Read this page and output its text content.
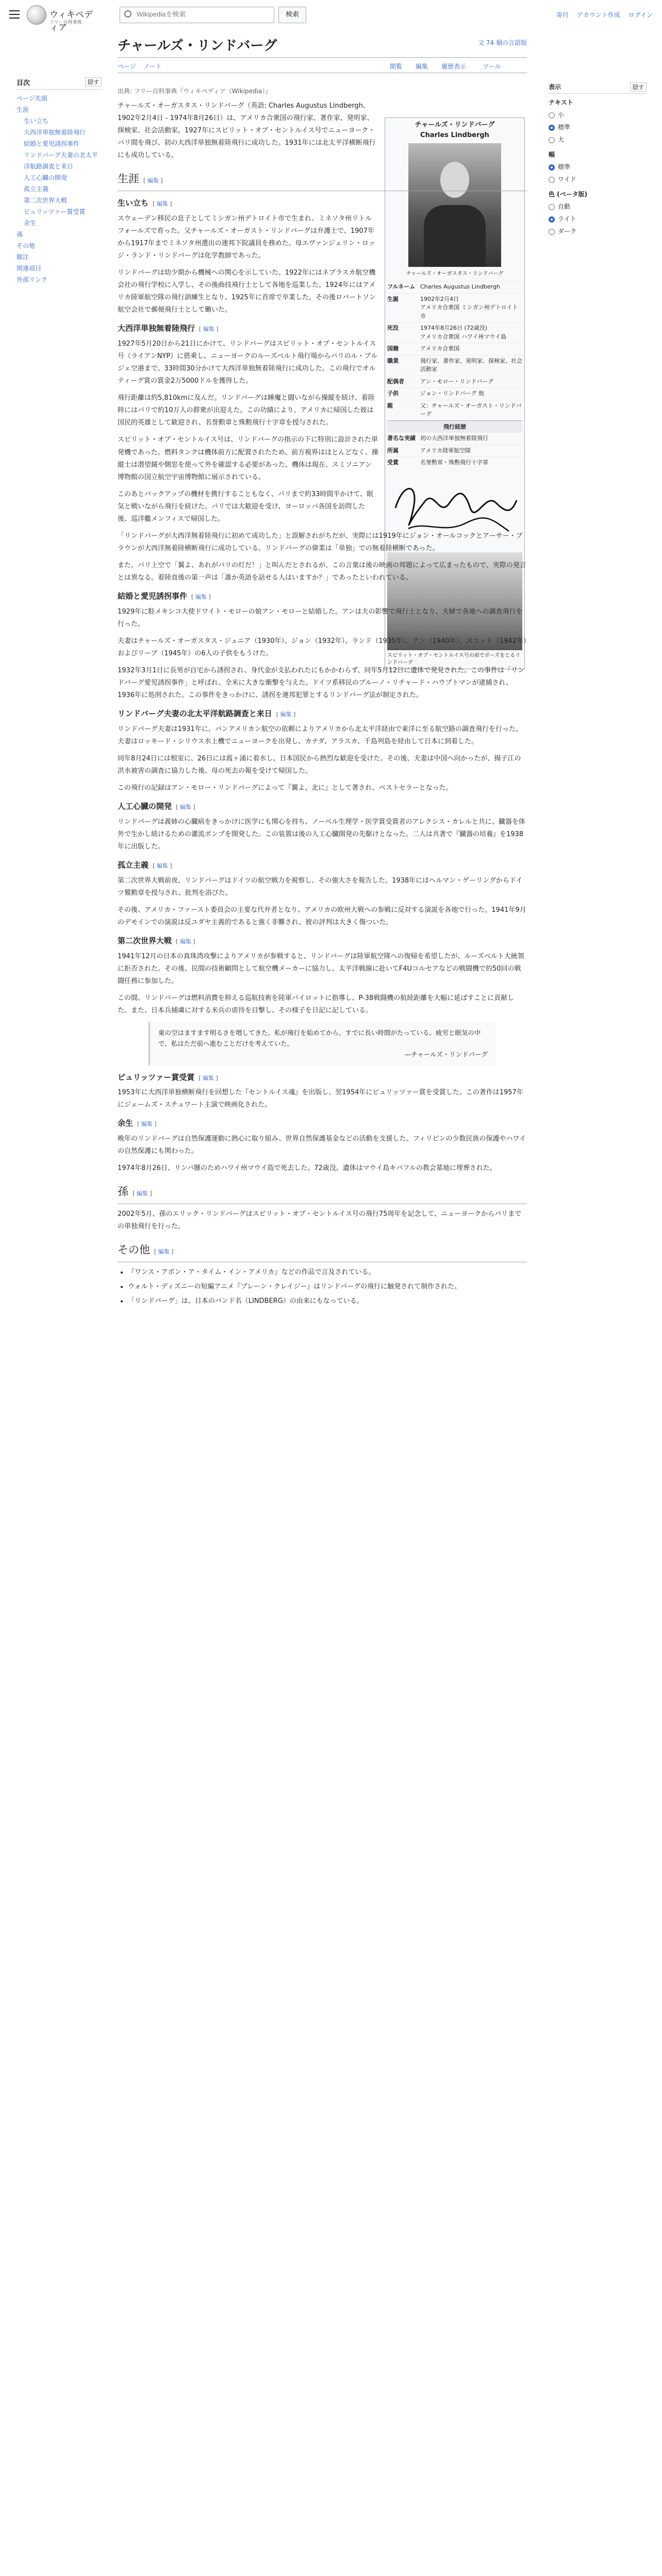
ウィキペディア
フリー百科事典
Wikipediaを検索
検索	寄付 アカウント作成 ログイン
目次	隠す
ページ先頭
生涯
生い立ち
大西洋単独無着陸飛行
結婚と愛児誘拐事件
リンドバーグ夫妻の北太平洋航路調査と来日
人工心臓の開発
孤立主義
第二次世界大戦
ピュリッツァー賞受賞
余生
孫
その他
脚注
関連項目
外部リンク
チャールズ・リンドバーグ	文 74 個の言語版
ページ ノート	閲覧 編集 履歴表示	ツール
表示	隠す
テキスト
小
標準
大
幅
標準
ワイド
色 (ベータ版)
自動
ライト
ダーク
チャールズ・リンドバーグ
Charles Lindbergh
チャールズ・オーガスタス・リンドバーグ
フルネーム Charles Augustus Lindbergh
生誕	1902年2月4日
アメリカ合衆国 ミシガン州デトロイト市
死没	1974年8月26日 (72歳没)
アメリカ合衆国 ハワイ州マウイ島
国籍	アメリカ合衆国
職業	飛行家、著作家、発明家、探検家、社会活動家
配偶者	アン・モロー・リンドバーグ
子供	ジョン・リンドバーグ 他
親	父：チャールズ・オーガスト・リンドバーグ
飛行経歴
著名な実績 初の大西洋単独無着陸飛行
所属	アメリカ陸軍航空隊
受賞	名誉勲章・殊勲飛行十字章
スピリット・オブ・セントルイス号の前でポーズをとるリンドバーグ
出典: フリー百科事典『ウィキペディア（Wikipedia）』

チャールズ・オーガスタス・リンドバーグ（英語: Charles Augustus Lindbergh、1902年2月4日 - 1974年8月26日）は、アメリカ合衆国の飛行家、著作家、発明家、探検家、社会活動家。1927年にスピリット・オブ・セントルイス号でニューヨーク・パリ間を飛び、初の大西洋単独無着陸飛行に成功した。1931年には北太平洋横断飛行にも成功している。

生涯 [ 編集 ]
生い立ち [ 編集 ]

スウェーデン移民の息子としてミシガン州デトロイト市で生まれ、ミネソタ州リトルフォールズで育った。父チャールズ・オーガスト・リンドバーグは弁護士で、1907年から1917年までミネソタ州選出の連邦下院議員を務めた。母エヴァンジェリン・ロッジ・ランド・リンドバーグは化学教師であった。

リンドバーグは幼少期から機械への関心を示していた。1922年にはネブラスカ航空機会社の飛行学校に入学し、その後曲技飛行士として各地を巡業した。1924年にはアメリカ陸軍航空隊の飛行訓練生となり、1925年に首席で卒業した。その後ロバートソン航空会社で郵便飛行士として働いた。

大西洋単独無着陸飛行 [ 編集 ]

1927年5月20日から21日にかけて、リンドバーグはスピリット・オブ・セントルイス号（ライアンNYP）に搭乗し、ニューヨークのルーズベルト飛行場からパリのル・ブルジェ空港まで、33時間30分かけて大西洋単独無着陸飛行に成功した。この飛行でオルティーグ賞の賞金2万5000ドルを獲得した。

飛行距離は約5,810kmに及んだ。リンドバーグは睡魔と闘いながら操縦を続け、着陸時にはパリで約10万人の群衆が出迎えた。この功績により、アメリカに帰国した彼は国民的英雄として歓迎され、名誉勲章と殊勲飛行十字章を授与された。

スピリット・オブ・セントルイス号は、リンドバーグの指示の下に特別に設計された単発機であった。燃料タンクは機体前方に配置されたため、前方視界はほとんどなく、操縦士は潜望鏡や側窓を使って外を確認する必要があった。機体は現在、スミソニアン博物館の国立航空宇宙博物館に展示されている。

このあとパックアップの機材を携行することもなく、パリまで約33時間半かけて、眠気と戦いながら飛行を続けた。パリでは大歓迎を受け、ヨーロッパ各国を訪問した後、巡洋艦メンフィスで帰国した。

「リンドバーグが大西洋無着陸飛行に初めて成功した」と誤解されがちだが、実際には1919年にジョン・オールコックとアーサー・ブラウンが大西洋無着陸横断飛行に成功している。リンドバーグの偉業は「単独」での無着陸横断であった。

また、パリ上空で「翼よ、あれがパリの灯だ！」と叫んだとされるが、この言葉は後の映画の邦題によって広まったもので、実際の発言とは異なる。着陸直後の第一声は「誰か英語を話せる人はいますか？」であったといわれている。

結婚と愛児誘拐事件 [ 編集 ]

1929年に駐メキシコ大使ドワイト・モローの娘アン・モローと結婚した。アンは夫の影響で飛行士となり、夫婦で各地への調査飛行を行った。

夫妻はチャールズ・オーガスタス・ジュニア（1930年）、ジョン（1932年）、ランド（1935年）、アン（1940年）、スコット（1942年）およびリーブ（1945年）の6人の子供をもうけた。

1932年3月1日に長男が自宅から誘拐され、身代金が支払われたにもかかわらず、同年5月12日に遺体で発見された。この事件は「リンドバーグ愛児誘拐事件」と呼ばれ、全米に大きな衝撃を与えた。ドイツ系移民のブルーノ・リチャード・ハウプトマンが逮捕され、1936年に処刑された。この事件をきっかけに、誘拐を連邦犯罪とするリンドバーグ法が制定された。

リンドバーグ夫妻の北太平洋航路調査と来日 [ 編集 ]

リンドバーグ夫妻は1931年に、パンアメリカン航空の依頼によりアメリカから北太平洋経由で東洋に至る航空路の調査飛行を行った。夫妻はロッキード・シリウス水上機でニューヨークを出発し、カナダ、アラスカ、千島列島を経由して日本に到着した。

同年8月24日には根室に、26日には霞ヶ浦に着水し、日本国民から熱烈な歓迎を受けた。その後、夫妻は中国へ向かったが、揚子江の洪水被害の調査に協力した後、母の死去の報を受けて帰国した。

この飛行の記録はアン・モロー・リンドバーグによって『翼よ、北に』として著され、ベストセラーとなった。

人工心臓の開発 [ 編集 ]

リンドバーグは義姉の心臓病をきっかけに医学にも関心を持ち、ノーベル生理学・医学賞受賞者のアレクシス・カレルと共に、臓器を体外で生かし続けるための灌流ポンプを開発した。この装置は後の人工心臓開発の先駆けとなった。二人は共著で『臓器の培養』を1938年に出版した。

孤立主義 [ 編集 ]

第二次世界大戦前夜、リンドバーグはドイツの航空戦力を視察し、その強大さを報告した。1938年にはヘルマン・ゲーリングからドイツ鷲勲章を授与され、批判を浴びた。

その後、アメリカ・ファースト委員会の主要な代弁者となり、アメリカの欧州大戦への参戦に反対する演説を各地で行った。1941年9月のデモインでの演説は反ユダヤ主義的であると強く非難され、彼の評判は大きく傷ついた。

第二次世界大戦 [ 編集 ]

1941年12月の日本の真珠湾攻撃によりアメリカが参戦すると、リンドバーグは陸軍航空隊への復帰を希望したが、ルーズベルト大統領に拒否された。その後、民間の技術顧問として航空機メーカーに協力し、太平洋戦線に赴いてF4Uコルセアなどの戦闘機で約50回の戦闘任務に参加した。

この間、リンドバーグは燃料消費を抑える巡航技術を陸軍パイロットに指導し、P-38戦闘機の航続距離を大幅に延ばすことに貢献した。また、日本兵捕虜に対する米兵の虐待を目撃し、その様子を日記に記している。

東の空はますます明るさを増してきた。私が飛行を始めてから、すでに長い時間がたっている。疲労と眠気の中で、私はただ前へ進むことだけを考えていた。
—チャールズ・リンドバーグ
ピュリッツァー賞受賞 [ 編集 ]

1953年に大西洋単独横断飛行を回想した『セントルイス魂』を出版し、翌1954年にピュリッツァー賞を受賞した。この著作は1957年にジェームズ・スチュワート主演で映画化された。

余生 [ 編集 ]

晩年のリンドバーグは自然保護運動に熱心に取り組み、世界自然保護基金などの活動を支援した。フィリピンの少数民族の保護やハワイの自然保護にも関わった。

1974年8月26日、リンパ腫のためハワイ州マウイ島で死去した。72歳没。遺体はマウイ島キパフルの教会墓地に埋葬された。

孫 [ 編集 ]

2002年5月、孫のエリック・リンドバーグはスピリット・オブ・セントルイス号の飛行75周年を記念して、ニューヨークからパリまでの単独飛行を行った。

その他 [ 編集 ]
• 『ワンス・アポン・ア・タイム・イン・アメリカ』などの作品で言及されている。
• ウォルト・ディズニーの短編アニメ『プレーン・クレイジー』はリンドバーグの飛行に触発されて制作された。
• 「リンドバーグ」は、日本のバンド名（LINDBERG）の由来にもなっている。
